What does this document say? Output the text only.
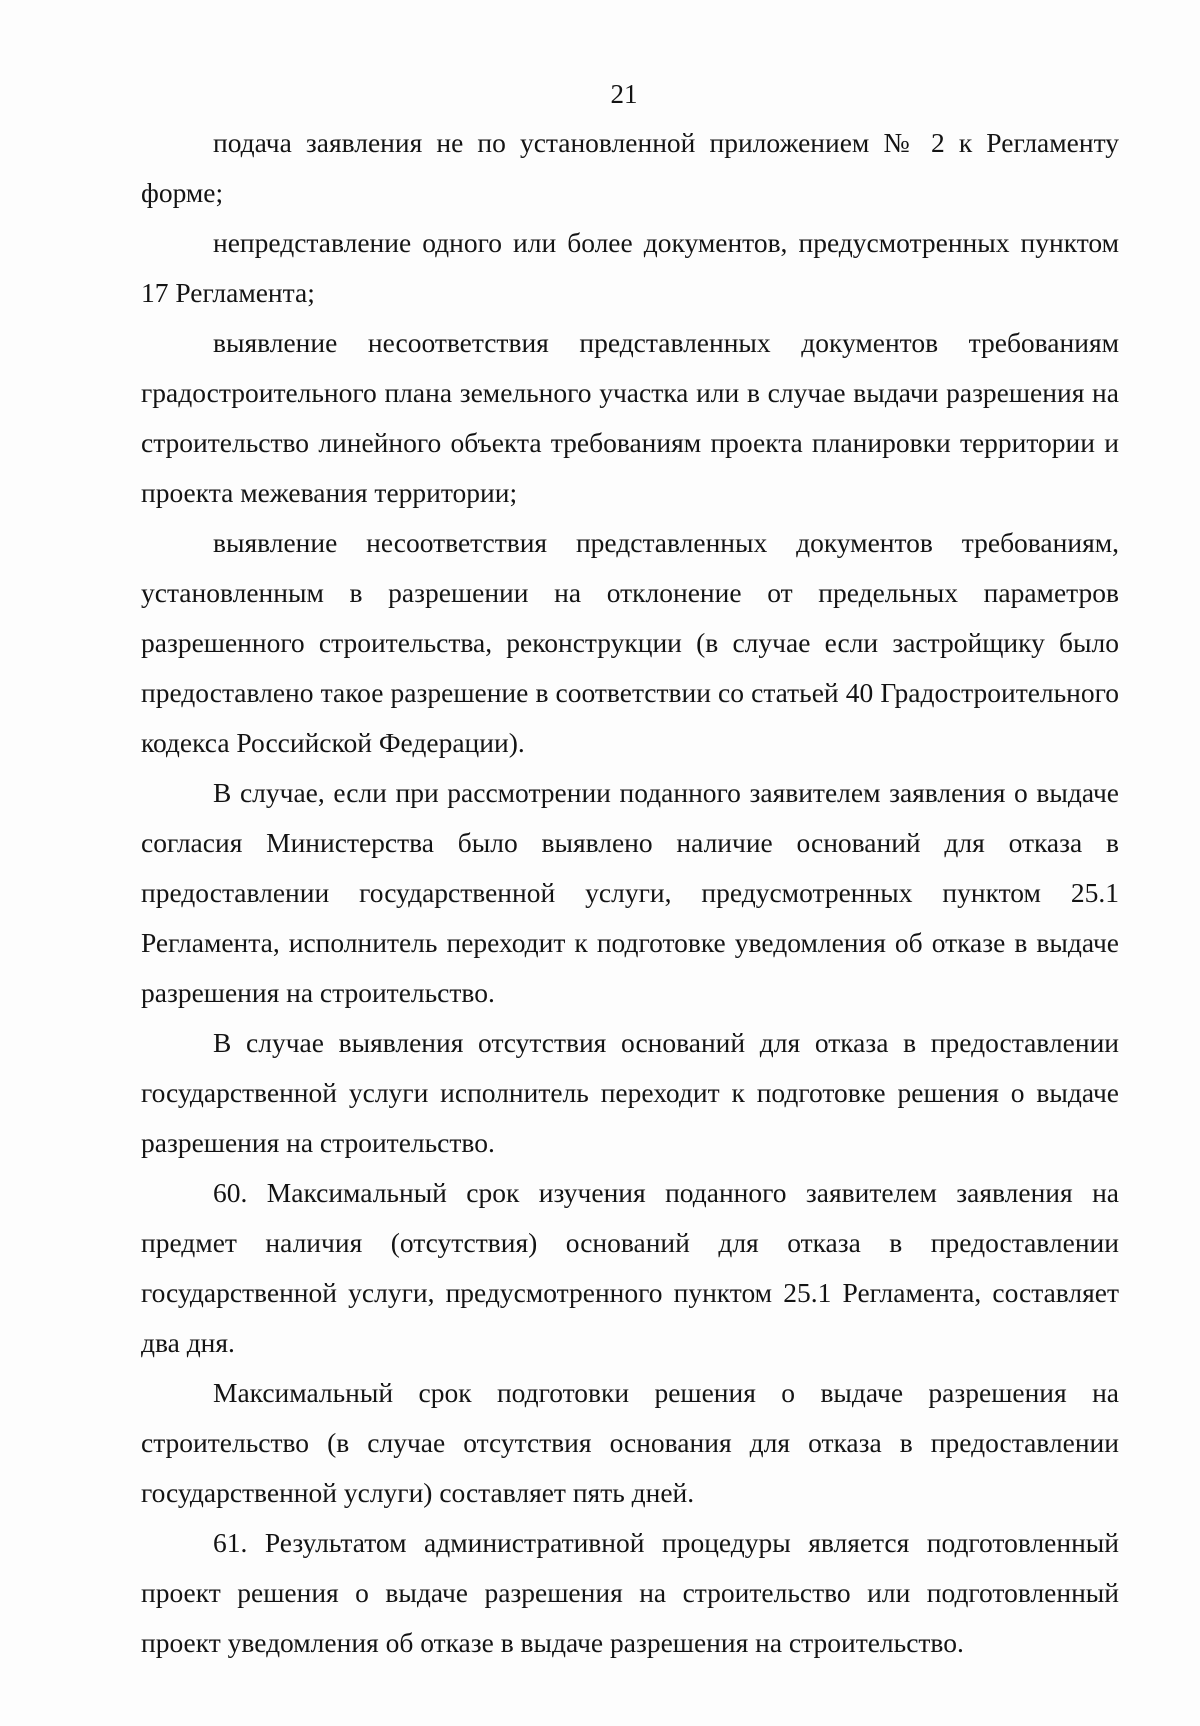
21

подача заявления не по установленной приложением № 2 к Регламенту форме;

непредставление одного или более документов, предусмотренных пунктом 17 Регламента;

выявление несоответствия представленных документов требованиям градостроительного плана земельного участка или в случае выдачи разрешения на строительство линейного объекта требованиям проекта планировки территории и проекта межевания территории;

выявление несоответствия представленных документов требованиям, установленным в разрешении на отклонение от предельных параметров разрешенного строительства, реконструкции (в случае если застройщику было предоставлено такое разрешение в соответствии со статьей 40 Градостроительного кодекса Российской Федерации).

В случае, если при рассмотрении поданного заявителем заявления о выдаче согласия Министерства было выявлено наличие оснований для отказа в предоставлении государственной услуги, предусмотренных пунктом 25.1 Регламента, исполнитель переходит к подготовке уведомления об отказе в выдаче разрешения на строительство.

В случае выявления отсутствия оснований для отказа в предоставлении государственной услуги исполнитель переходит к подготовке решения о выдаче разрешения на строительство.

60. Максимальный срок изучения поданного заявителем заявления на предмет наличия (отсутствия) оснований для отказа в предоставлении государственной услуги, предусмотренного пунктом 25.1 Регламента, составляет два дня.

Максимальный срок подготовки решения о выдаче разрешения на строительство (в случае отсутствия основания для отказа в предоставлении государственной услуги) составляет пять дней.

61. Результатом административной процедуры является подготовленный проект решения о выдаче разрешения на строительство или подготовленный проект уведомления об отказе в выдаче разрешения на строительство.
